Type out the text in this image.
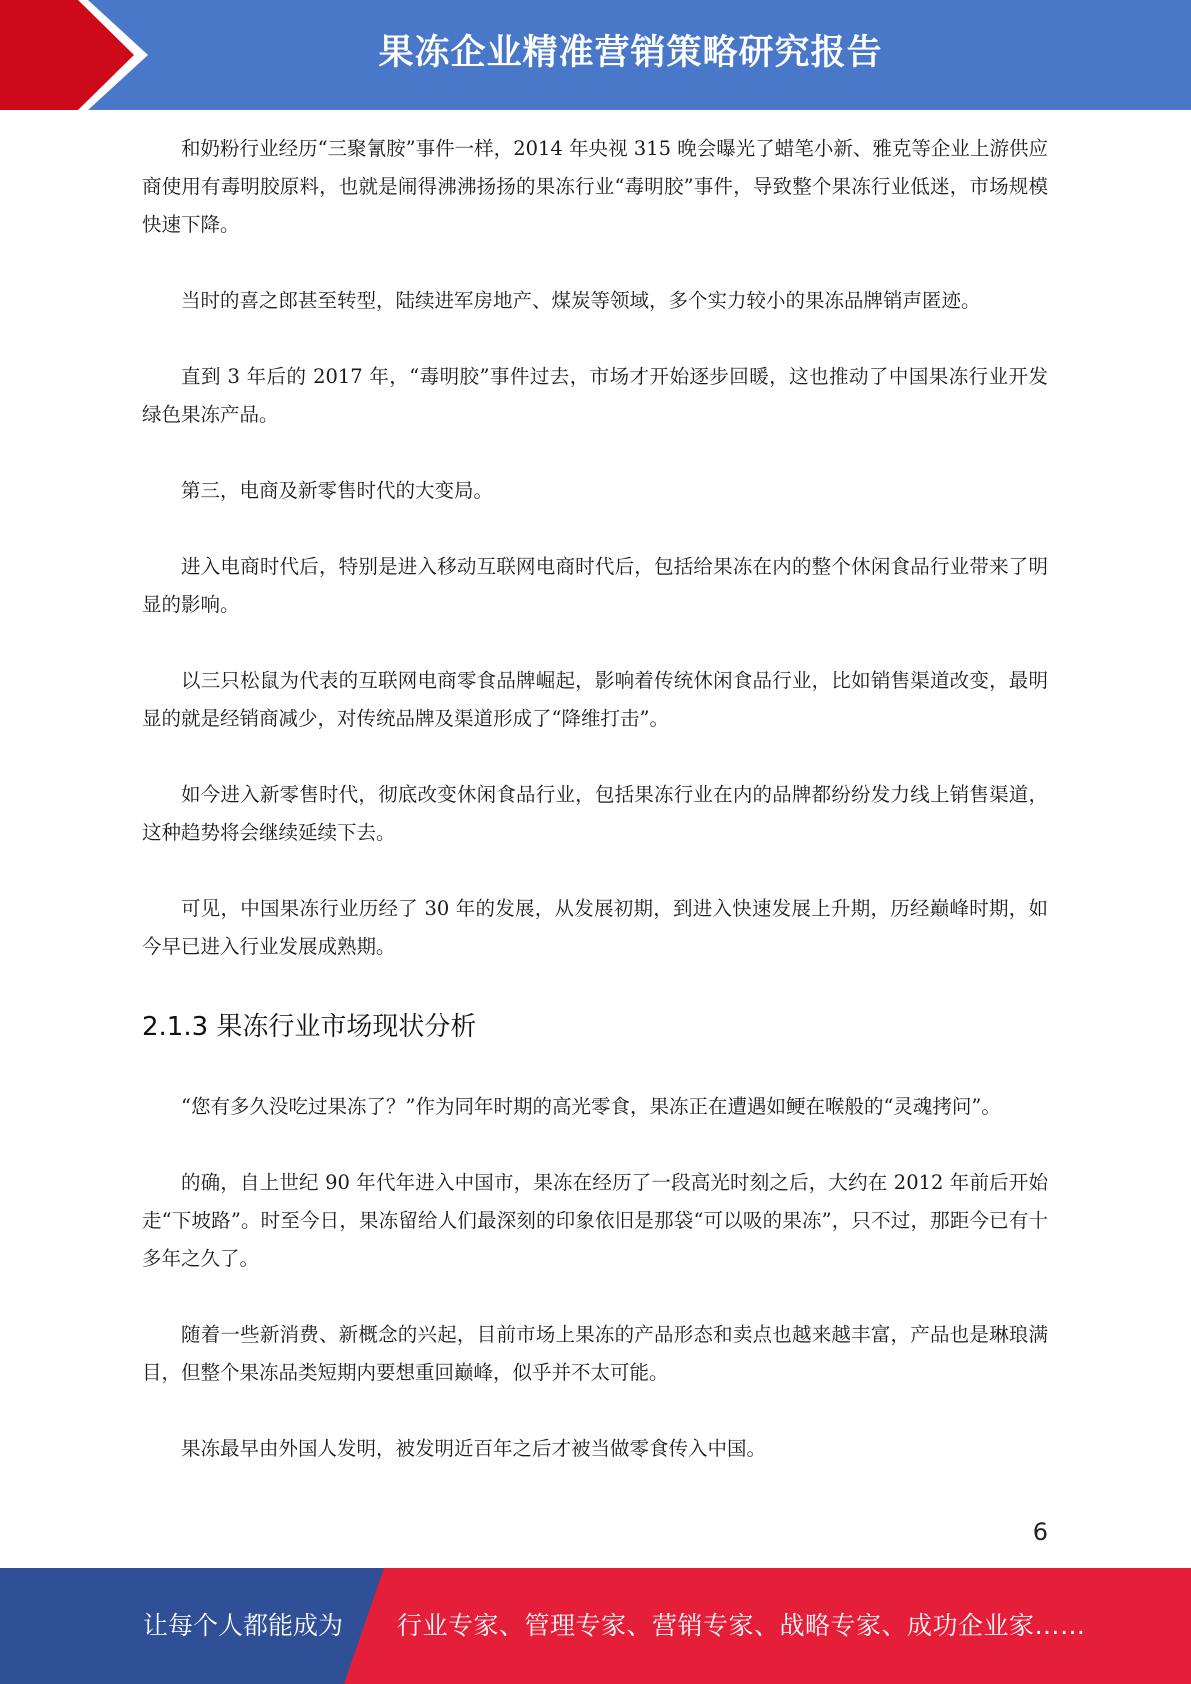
果冻企业精准营销策略研究报告

和奶粉行业经历“三聚氰胺”事件一样，2014 年央视 315 晚会曝光了蜡笔小新、雅克等企业上游供应商使用有毒明胶原料，也就是闹得沸沸扬扬的果冻行业“毒明胶”事件，导致整个果冻行业低迷，市场规模快速下降。

当时的喜之郎甚至转型，陆续进军房地产、煤炭等领域，多个实力较小的果冻品牌销声匿迹。

直到 3 年后的 2017 年，“毒明胶”事件过去，市场才开始逐步回暖，这也推动了中国果冻行业开发绿色果冻产品。

第三，电商及新零售时代的大变局。

进入电商时代后，特别是进入移动互联网电商时代后，包括给果冻在内的整个休闲食品行业带来了明显的影响。

以三只松鼠为代表的互联网电商零食品牌崛起，影响着传统休闲食品行业，比如销售渠道改变，最明显的就是经销商减少，对传统品牌及渠道形成了“降维打击”。

如今进入新零售时代，彻底改变休闲食品行业，包括果冻行业在内的品牌都纷纷发力线上销售渠道，这种趋势将会继续延续下去。

可见，中国果冻行业历经了 30 年的发展，从发展初期，到进入快速发展上升期，历经巅峰时期，如今早已进入行业发展成熟期。

2.1.3 果冻行业市场现状分析

“您有多久没吃过果冻了？”作为同年时期的高光零食，果冻正在遭遇如鲠在喉般的“灵魂拷问”。

的确，自上世纪 90 年代年进入中国市，果冻在经历了一段高光时刻之后，大约在 2012 年前后开始走“下坡路”。时至今日，果冻留给人们最深刻的印象依旧是那袋“可以吸的果冻”，只不过，那距今已有十多年之久了。

随着一些新消费、新概念的兴起，目前市场上果冻的产品形态和卖点也越来越丰富，产品也是琳琅满目，但整个果冻品类短期内要想重回巅峰，似乎并不太可能。

果冻最早由外国人发明，被发明近百年之后才被当做零食传入中国。

6
让每个人都能成为 行业专家、管理专家、营销专家、战略专家、成功企业家……
